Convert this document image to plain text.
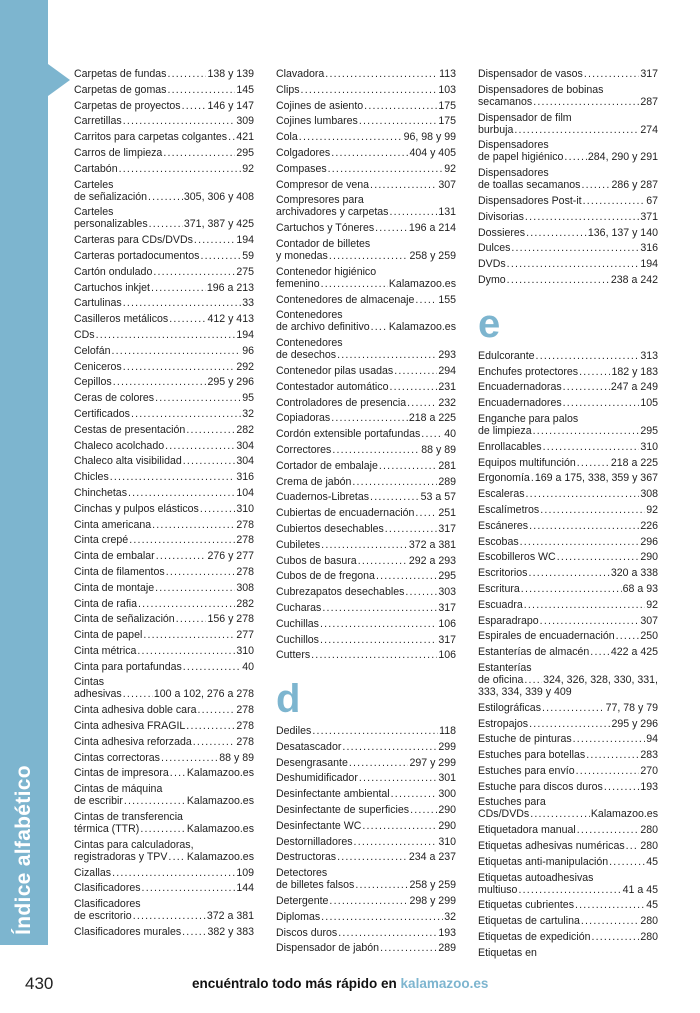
Índice alfabético
Carpetas de fundas .....	138 y 139
Carpetas de gomas .....	145
Carpetas de proyectos .....	146 y 147
Carretillas .....	309
Carritos para carpetas colgantes ..... 421
Carros de limpieza .....	295
Cartabón .....	92
Carteles
de señalización .....	305, 306 y 408
Carteles
personalizables .....	371, 387 y 425
Carteras para CDs/DVDs .....	194
Carteras portadocumentos .....	59
Cartón ondulado .....	275
Cartuchos inkjet .....	196 a 213
Cartulinas .....	33
Casilleros metálicos .....	412 y 413
CDs .....	194
Celofán .....	96
Ceniceros .....	292
Cepillos .....	295 y 296
Ceras de colores .....	95
Certificados .....	32
Cestas de presentación .....	282
Chaleco acolchado .....	304
Chaleco alta visibilidad .....	304
Chicles .....	316
Chinchetas .....	104
Cinchas y pulpos elásticos .....	310
Cinta americana .....	278
Cinta crepé .....	278
Cinta de embalar .....	276 y 277
Cinta de filamentos .....	278
Cinta de montaje .....	308
Cinta de rafia .....	282
Cinta de señalización .....	156 y 278
Cinta de papel .....	277
Cinta métrica .....	310
Cinta para portafundas .....	40
Cintas
adhesivas .....	100 a 102, 276 a 278
Cinta adhesiva doble cara .....	278
Cinta adhesiva FRAGIL .....	278
Cinta adhesiva reforzada .....	278
Cintas correctoras .....	88 y 89
Cintas de impresora ..... Kalamazoo.es
Cintas de máquina
de escribir .....	Kalamazoo.es
Cintas de transferencia
térmica (TTR) .....	Kalamazoo.es
Cintas para calculadoras,
registradoras y TPV ..... Kalamazoo.es
Cizallas .....	109
Clasificadores .....	144
Clasificadores
de escritorio .....	372 a 381
Clasificadores murales ..... 382 y 383
Clavadora .....	113
Clips .....	103
Cojines de asiento .....	175
Cojines lumbares .....	175
Cola .....	96, 98 y 99
Colgadores .....	404 y 405
Compases .....	92
Compresor de vena .....	307
Compresores para
archivadores y carpetas .....	131
Cartuchos y Tóneres .....	196 a 214
Contador de billetes
y monedas .....	258 y 259
Contenedor higiénico
femenino .....	Kalamazoo.es
Contenedores de almacenaje ..... 155
Contenedores
de archivo definitivo ..... Kalamazoo.es
Contenedores
de desechos .....	293
Contenedor pilas usadas .....	294
Contestador automático .....	231
Controladores de presencia .....	232
Copiadoras .....	218 a 225
Cordón extensible portafundas ..... 40
Correctores .....	88 y 89
Cortador de embalaje .....	281
Crema de jabón .....	289
Cuadernos-Libretas .....	53 a 57
Cubiertas de encuadernación ..... 251
Cubiertos desechables .....	317
Cubiletes .....	372 a 381
Cubos de basura .....	292 a 293
Cubos de de fregona .....	295
Cubrezapatos desechables .....	303
Cucharas .....	317
Cuchillas .....	106
Cuchillos .....	317
Cutters .....	106
d
Dediles .....	118
Desatascador .....	299
Desengrasante .....	297 y 299
Deshumidificador .....	301
Desinfectante ambiental .....	300
Desinfectante de superficies .....	290
Desinfectante WC .....	290
Destornilladores .....	310
Destructoras .....	234 a 237
Detectores
de billetes falsos .....	258 y 259
Detergente .....	298 y 299
Diplomas .....	32
Discos duros .....	193
Dispensador de jabón .....	289
Dispensador de vasos .....	317
Dispensadores de bobinas
secamanos .....	287
Dispensador de film
burbuja .....	274
Dispensadores
de papel higiénico ..... 284, 290 y 291
Dispensadores
de toallas secamanos .....	286 y 287
Dispensadores Post-it .....	67
Divisorias .....	371
Dossieres .....	136, 137 y 140
Dulces .....	316
DVDs .....	194
Dymo .....	238 a 242
e
Edulcorante .....	313
Enchufes protectores .....	182 y 183
Encuadernadoras .....	247 a 249
Encuadernadores .....	105
Enganche para palos
de limpieza .....	295
Enrollacables .....	310
Equipos multifunción .....	218 a 225
Ergonomía ..... 169 a 175, 338, 359 y 367
Escaleras .....	308
Escalímetros .....	92
Escáneres .....	226
Escobas .....	296
Escobilleros WC .....	290
Escritorios .....	320 a 338
Escritura .....	68 a 93
Escuadra .....	92
Esparadrapo .....	307
Espirales de encuadernación ..... 250
Estanterías de almacén ..... 422 a 425
Estanterías
de oficina ..... 324, 326, 328, 330, 331,
333, 334, 339 y 409
Estilográficas .....	77, 78 y 79
Estropajos .....	295 y 296
Estuche de pinturas .....	94
Estuches para botellas .....	283
Estuches para envío .....	270
Estuche para discos duros .....	193
Estuches para
CDs/DVDs .....	Kalamazoo.es
Etiquetadora manual .....	280
Etiquetas adhesivas numéricas ..... 280
Etiquetas anti-manipulación .....	45
Etiquetas autoadhesivas
multiuso .....	41 a 45
Etiquetas cubrientes .....	45
Etiquetas de cartulina .....	280
Etiquetas de expedición .....	280
Etiquetas en
430	encuéntralo todo más rápido en kalamazoo.es
